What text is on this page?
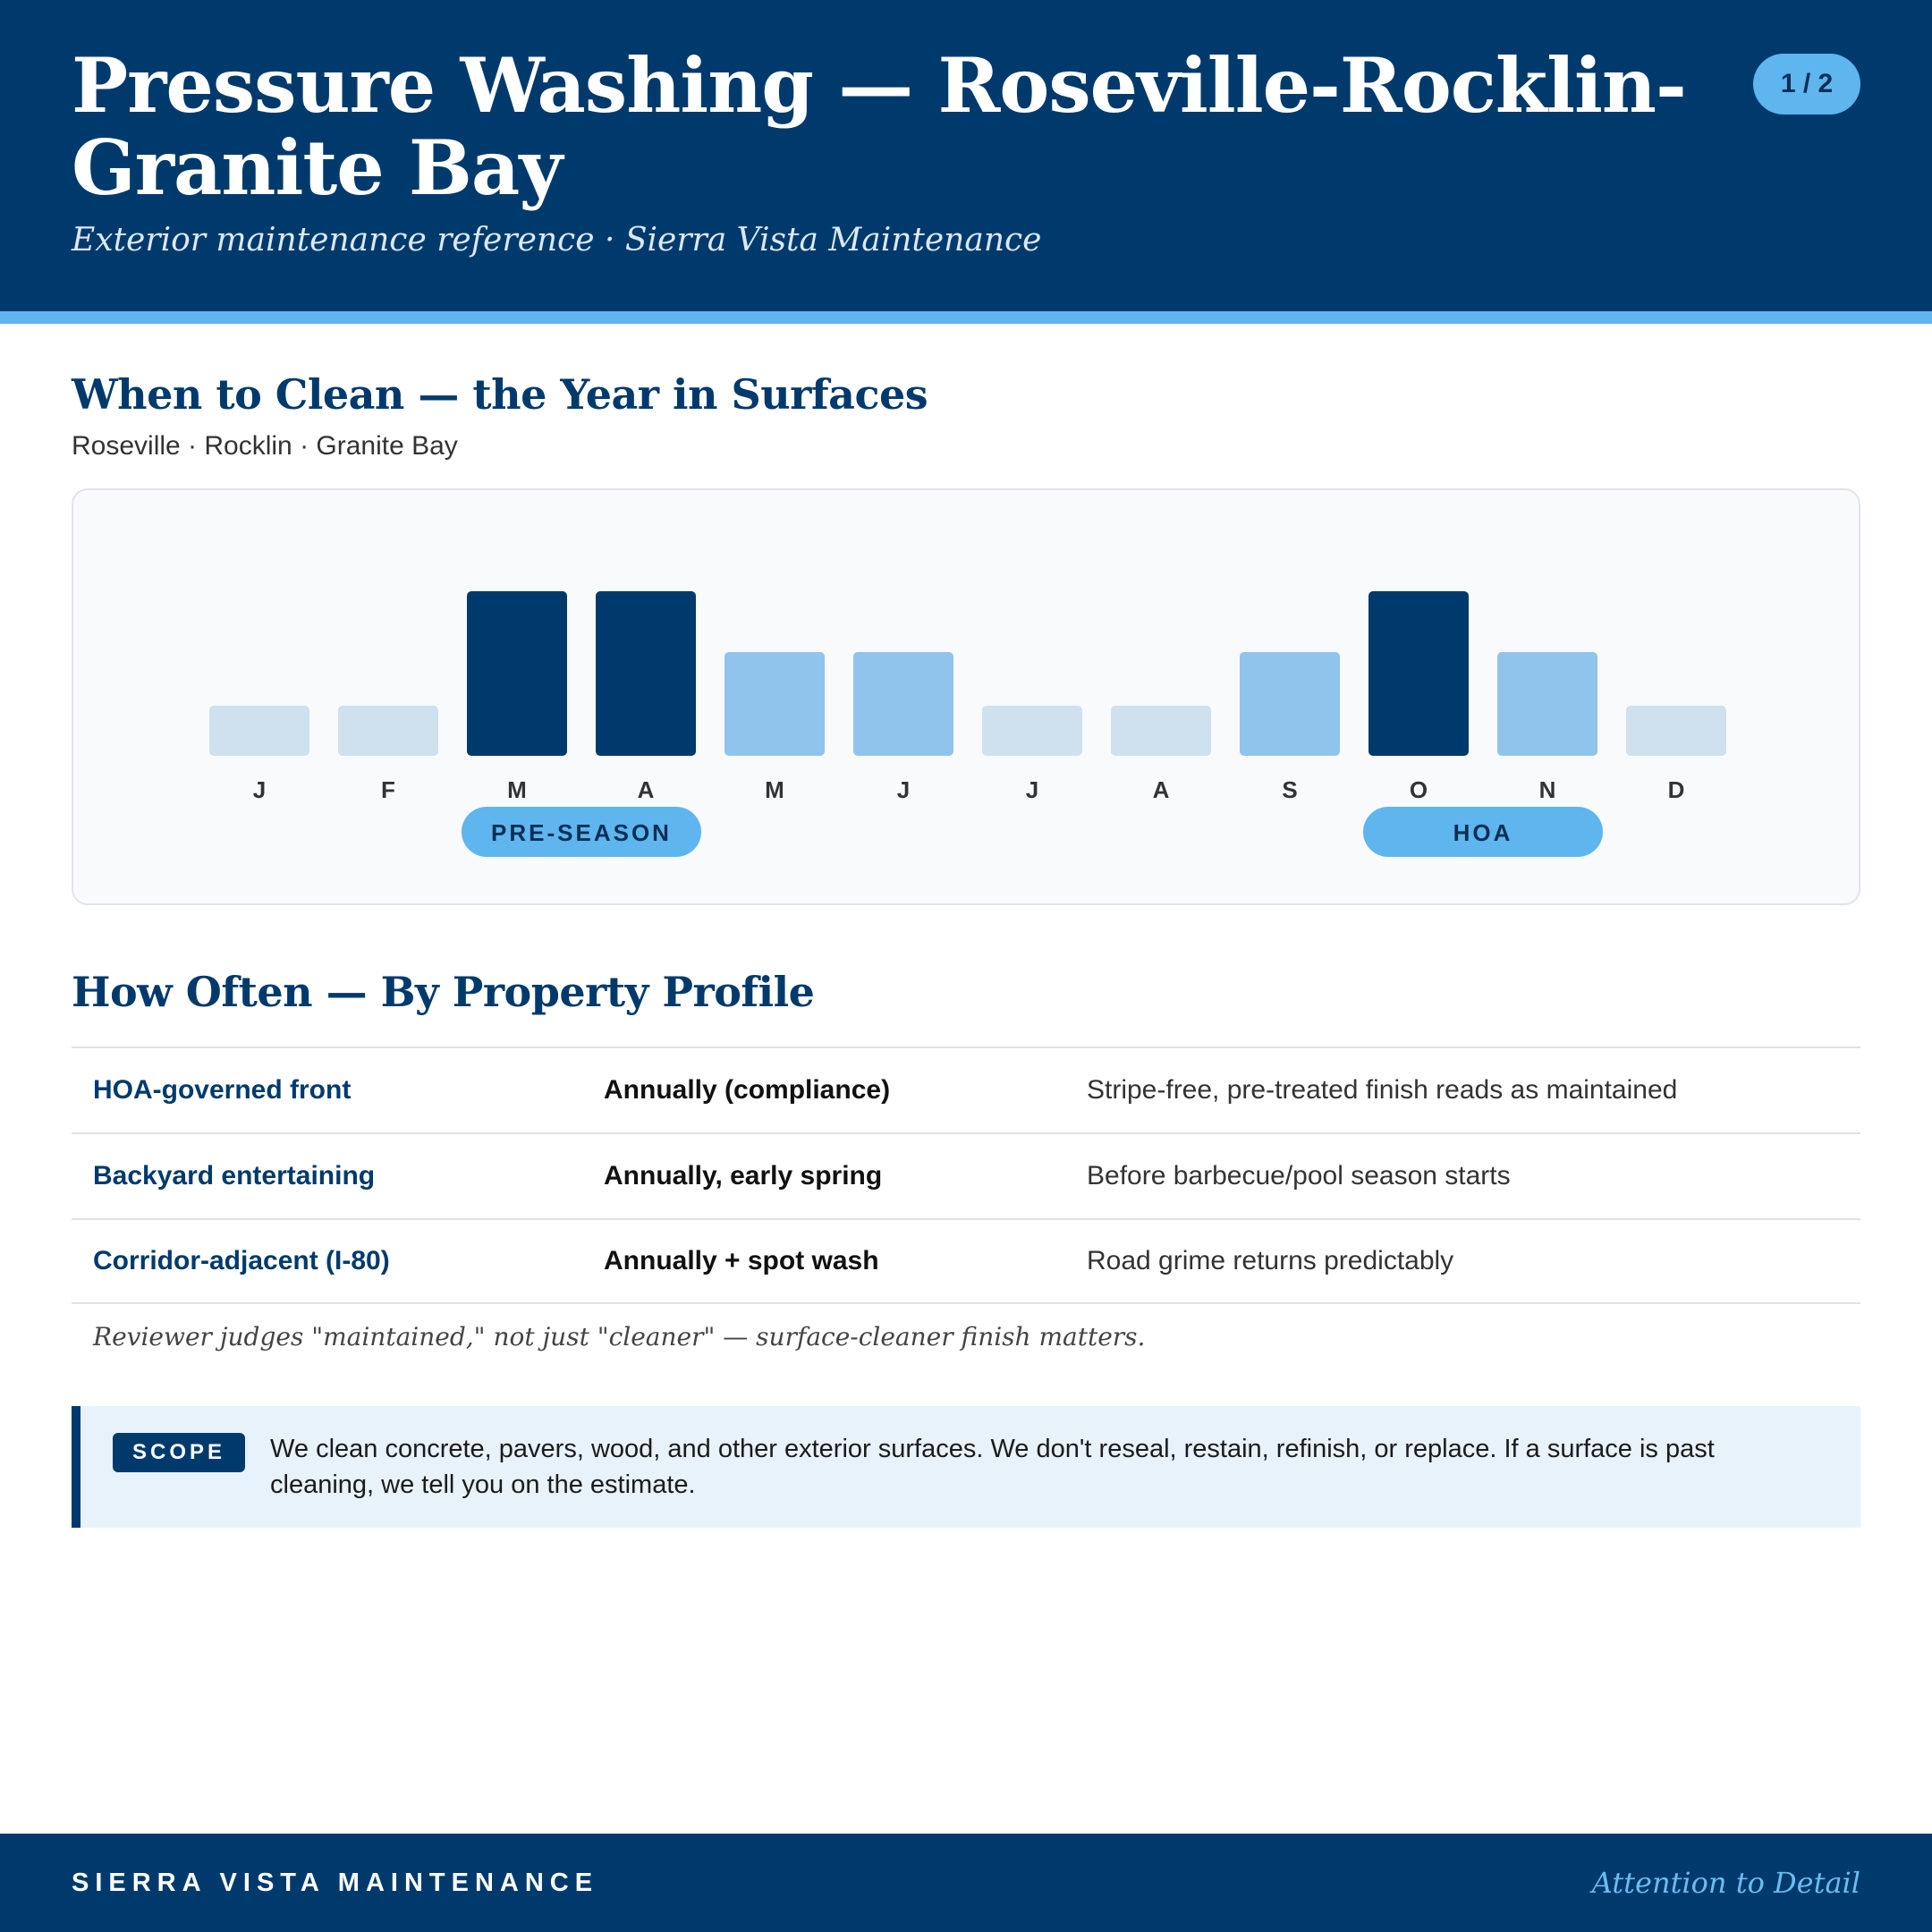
Pressure Washing — Roseville-Rocklin-Granite Bay
Exterior maintenance reference · Sierra Vista Maintenance
1 / 2
When to Clean — the Year in Surfaces
Roseville · Rocklin · Granite Bay
J	F	M	A	M	J	J	A	S	O	N	D
PRE-SEASON	HOA
How Often — By Property Profile
HOA-governed front	Annually (compliance)	Stripe-free, pre-treated finish reads as maintained
Backyard entertaining	Annually, early spring	Before barbecue/pool season starts
Corridor-adjacent (I-80)	Annually + spot wash	Road grime returns predictably
Reviewer judges "maintained," not just "cleaner" — surface-cleaner finish matters.
SCOPE	We clean concrete, pavers, wood, and other exterior surfaces. We don't reseal, restain, refinish, or replace. If a surface is past cleaning, we tell you on the estimate.
SIERRA VISTA MAINTENANCE	Attention to Detail
